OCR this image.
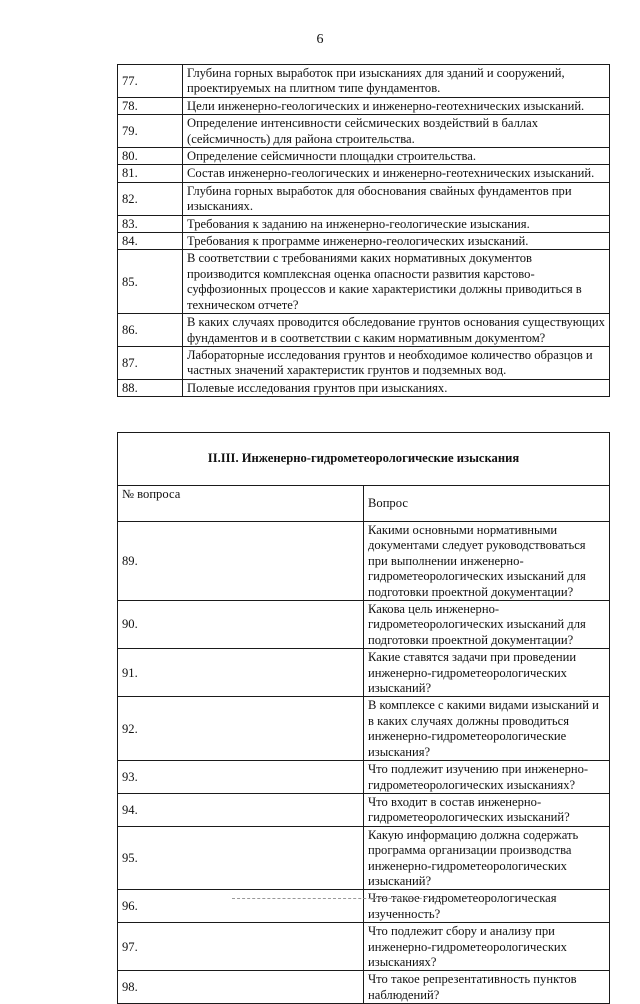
6
77.	Глубина горных выработок при изысканиях для зданий и сооружений, проектируемых на плитном типе фундаментов.
78.	Цели инженерно-геологических и инженерно-геотехнических изысканий.
79.	Определение интенсивности сейсмических воздействий в баллах (сейсмичность) для района строительства.
80.	Определение сейсмичности площадки строительства.
81.	Состав инженерно-геологических и инженерно-геотехнических изысканий.
82.	Глубина горных выработок для обоснования свайных фундаментов при изысканиях.
83.	Требования к заданию на инженерно-геологические изыскания.
84.	Требования к программе инженерно-геологических изысканий.
85.	В соответствии с требованиями каких нормативных документов производится комплексная оценка опасности развития карстово-суффозионных процессов и какие характеристики должны приводиться в техническом отчете?
86.	В каких случаях проводится обследование грунтов основания существующих фундаментов и в соответствии с каким нормативным документом?
87.	Лабораторные исследования грунтов и необходимое количество образцов и частных значений характеристик грунтов и подземных вод.
88.	Полевые исследования грунтов при изысканиях.
II.III. Инженерно-гидрометеорологические изыскания	
№ вопроса	Вопрос
89.	Какими основными нормативными документами следует руководствоваться при выполнении инженерно-гидрометеорологических изысканий для подготовки проектной документации?
90.	Какова цель инженерно-гидрометеорологических изысканий для подготовки проектной документации?
91.	Какие ставятся задачи при проведении инженерно-гидрометеорологических изысканий?
92.	В комплексе с какими видами изысканий и в каких случаях должны проводиться инженерно-гидрометеорологические изыскания?
93.	Что подлежит изучению при инженерно-гидрометеорологических изысканиях?
94.	Что входит в состав инженерно-гидрометеорологических изысканий?
95.	Какую информацию должна содержать программа организации производства инженерно-гидрометеорологических изысканий?
96.	Что такое гидрометеорологическая изученность?
97.	Что подлежит сбору и анализу при инженерно-гидрометеорологических изысканиях?
98.	Что такое репрезентативность пунктов наблюдений?
